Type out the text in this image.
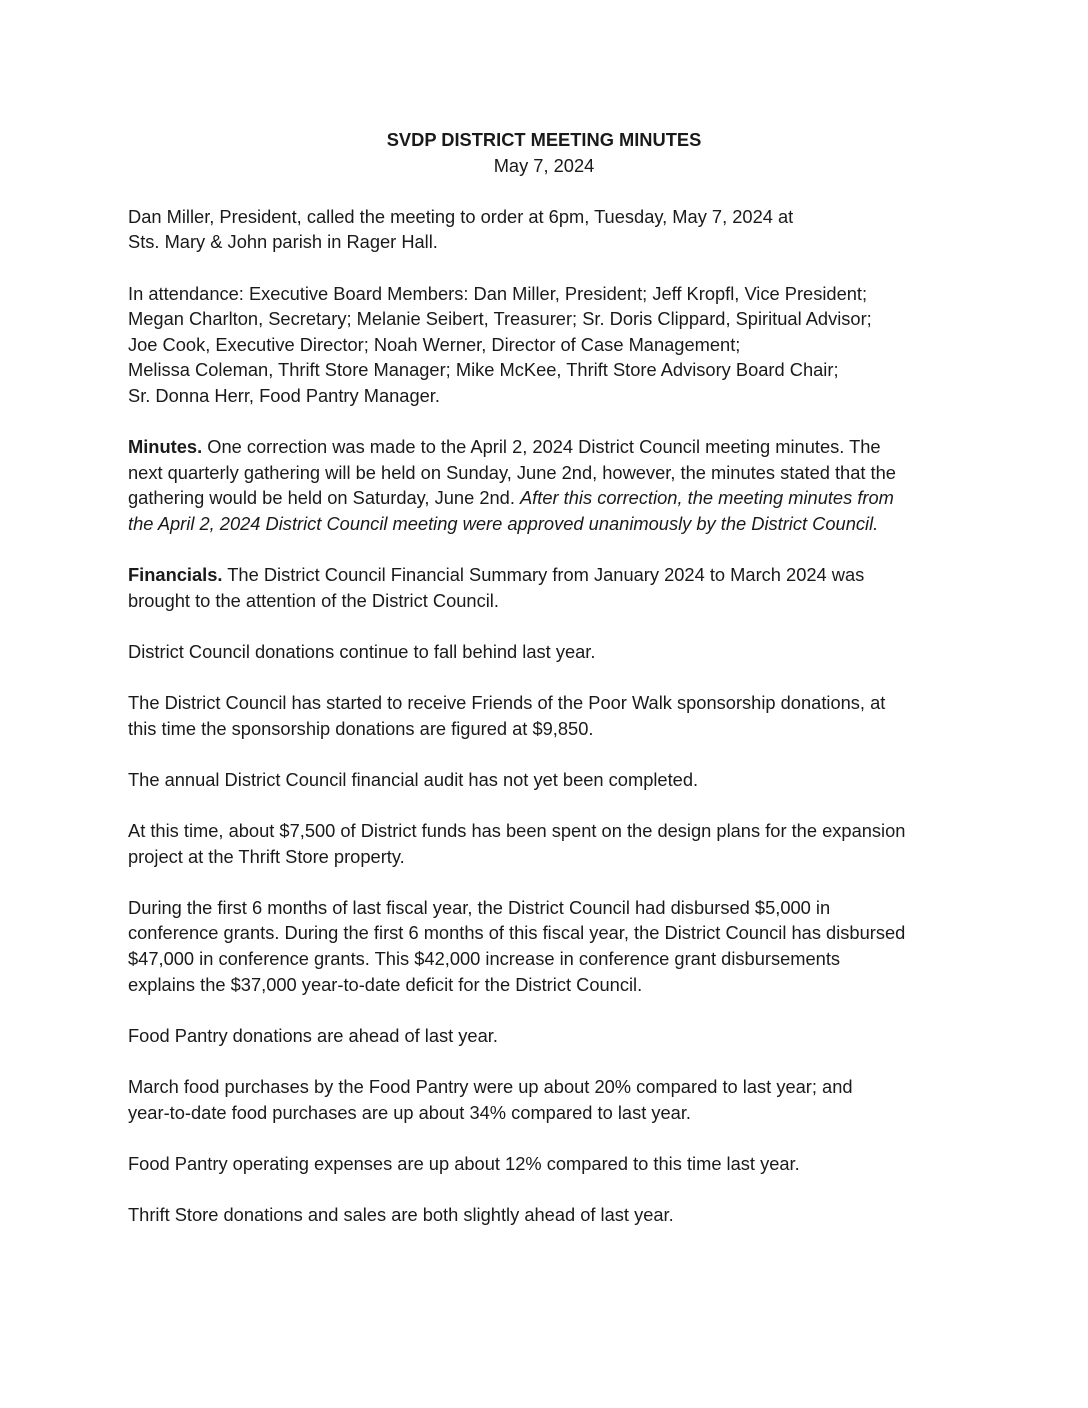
SVDP DISTRICT MEETING MINUTES
May 7, 2024

Dan Miller, President, called the meeting to order at 6pm, Tuesday, May 7, 2024 at
Sts. Mary & John parish in Rager Hall.

In attendance: Executive Board Members: Dan Miller, President; Jeff Kropfl, Vice President;
Megan Charlton, Secretary; Melanie Seibert, Treasurer; Sr. Doris Clippard, Spiritual Advisor;
Joe Cook, Executive Director; Noah Werner, Director of Case Management;
Melissa Coleman, Thrift Store Manager; Mike McKee, Thrift Store Advisory Board Chair;
Sr. Donna Herr, Food Pantry Manager.

Minutes. One correction was made to the April 2, 2024 District Council meeting minutes. The
next quarterly gathering will be held on Sunday, June 2nd, however, the minutes stated that the
gathering would be held on Saturday, June 2nd. After this correction, the meeting minutes from
the April 2, 2024 District Council meeting were approved unanimously by the District Council.

Financials. The District Council Financial Summary from January 2024 to March 2024 was
brought to the attention of the District Council.

District Council donations continue to fall behind last year.

The District Council has started to receive Friends of the Poor Walk sponsorship donations, at
this time the sponsorship donations are figured at $9,850.

The annual District Council financial audit has not yet been completed.

At this time, about $7,500 of District funds has been spent on the design plans for the expansion
project at the Thrift Store property.

During the first 6 months of last fiscal year, the District Council had disbursed $5,000 in
conference grants. During the first 6 months of this fiscal year, the District Council has disbursed
$47,000 in conference grants. This $42,000 increase in conference grant disbursements
explains the $37,000 year-to-date deficit for the District Council.

Food Pantry donations are ahead of last year.

March food purchases by the Food Pantry were up about 20% compared to last year; and
year-to-date food purchases are up about 34% compared to last year.

Food Pantry operating expenses are up about 12% compared to this time last year.

Thrift Store donations and sales are both slightly ahead of last year.
